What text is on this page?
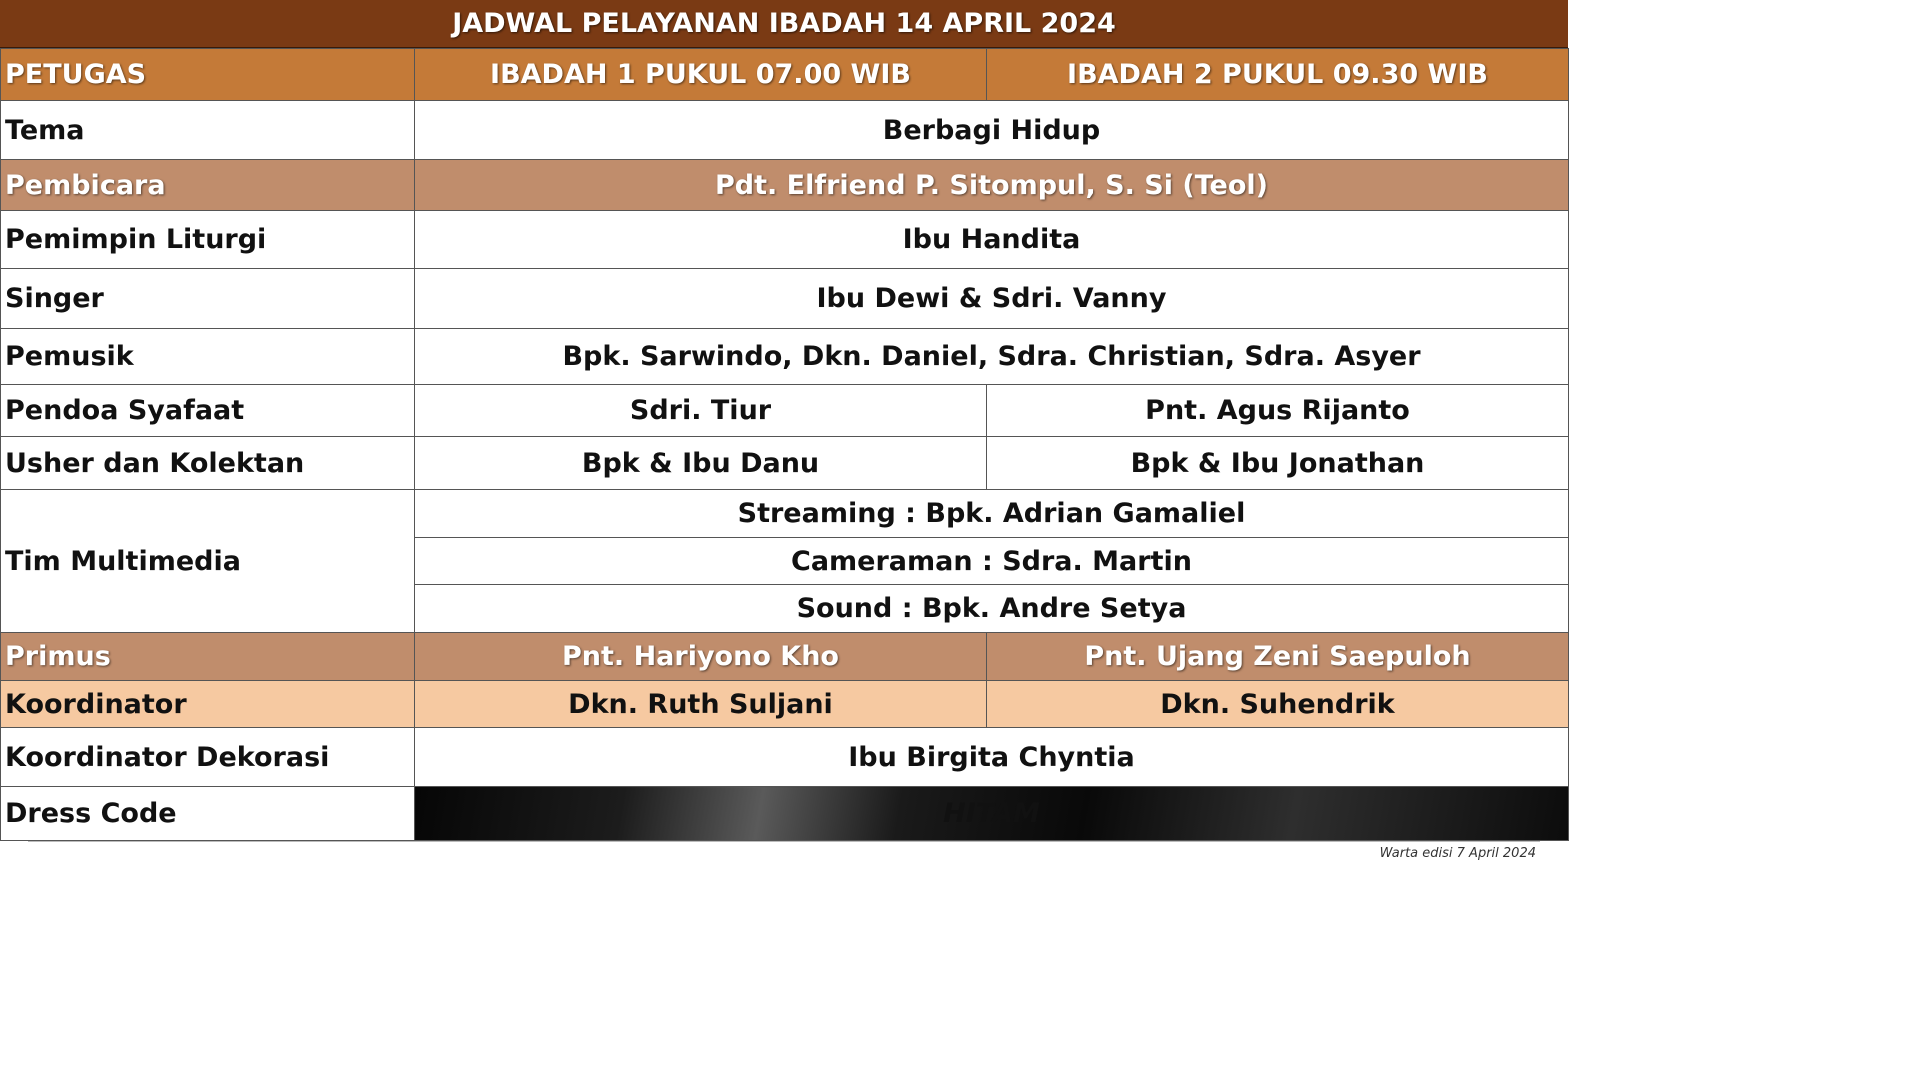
JADWAL PELAYANAN IBADAH 14 APRIL 2024
PETUGAS	IBADAH 1 PUKUL 07.00 WIB	IBADAH 2 PUKUL 09.30 WIB
Tema	Berbagi Hidup	
Pembicara	Pdt. Elfriend P. Sitompul, S. Si (Teol)	
Pemimpin Liturgi	Ibu Handita	
Singer	Ibu Dewi & Sdri. Vanny	
Pemusik	Bpk. Sarwindo, Dkn. Daniel, Sdra. Christian, Sdra. Asyer	
Pendoa Syafaat	Sdri. Tiur	Pnt. Agus Rijanto
Usher dan Kolektan	Bpk & Ibu Danu	Bpk & Ibu Jonathan
Tim Multimedia	Streaming : Bpk. Adrian Gamaliel	
	Cameraman : Sdra. Martin	
	Sound : Bpk. Andre Setya	
Primus	Pnt. Hariyono Kho	Pnt. Ujang Zeni Saepuloh
Koordinator	Dkn. Ruth Suljani	Dkn. Suhendrik
Koordinator Dekorasi	Ibu Birgita Chyntia	
Dress Code	HITAM	
Warta edisi 7 April 2024
